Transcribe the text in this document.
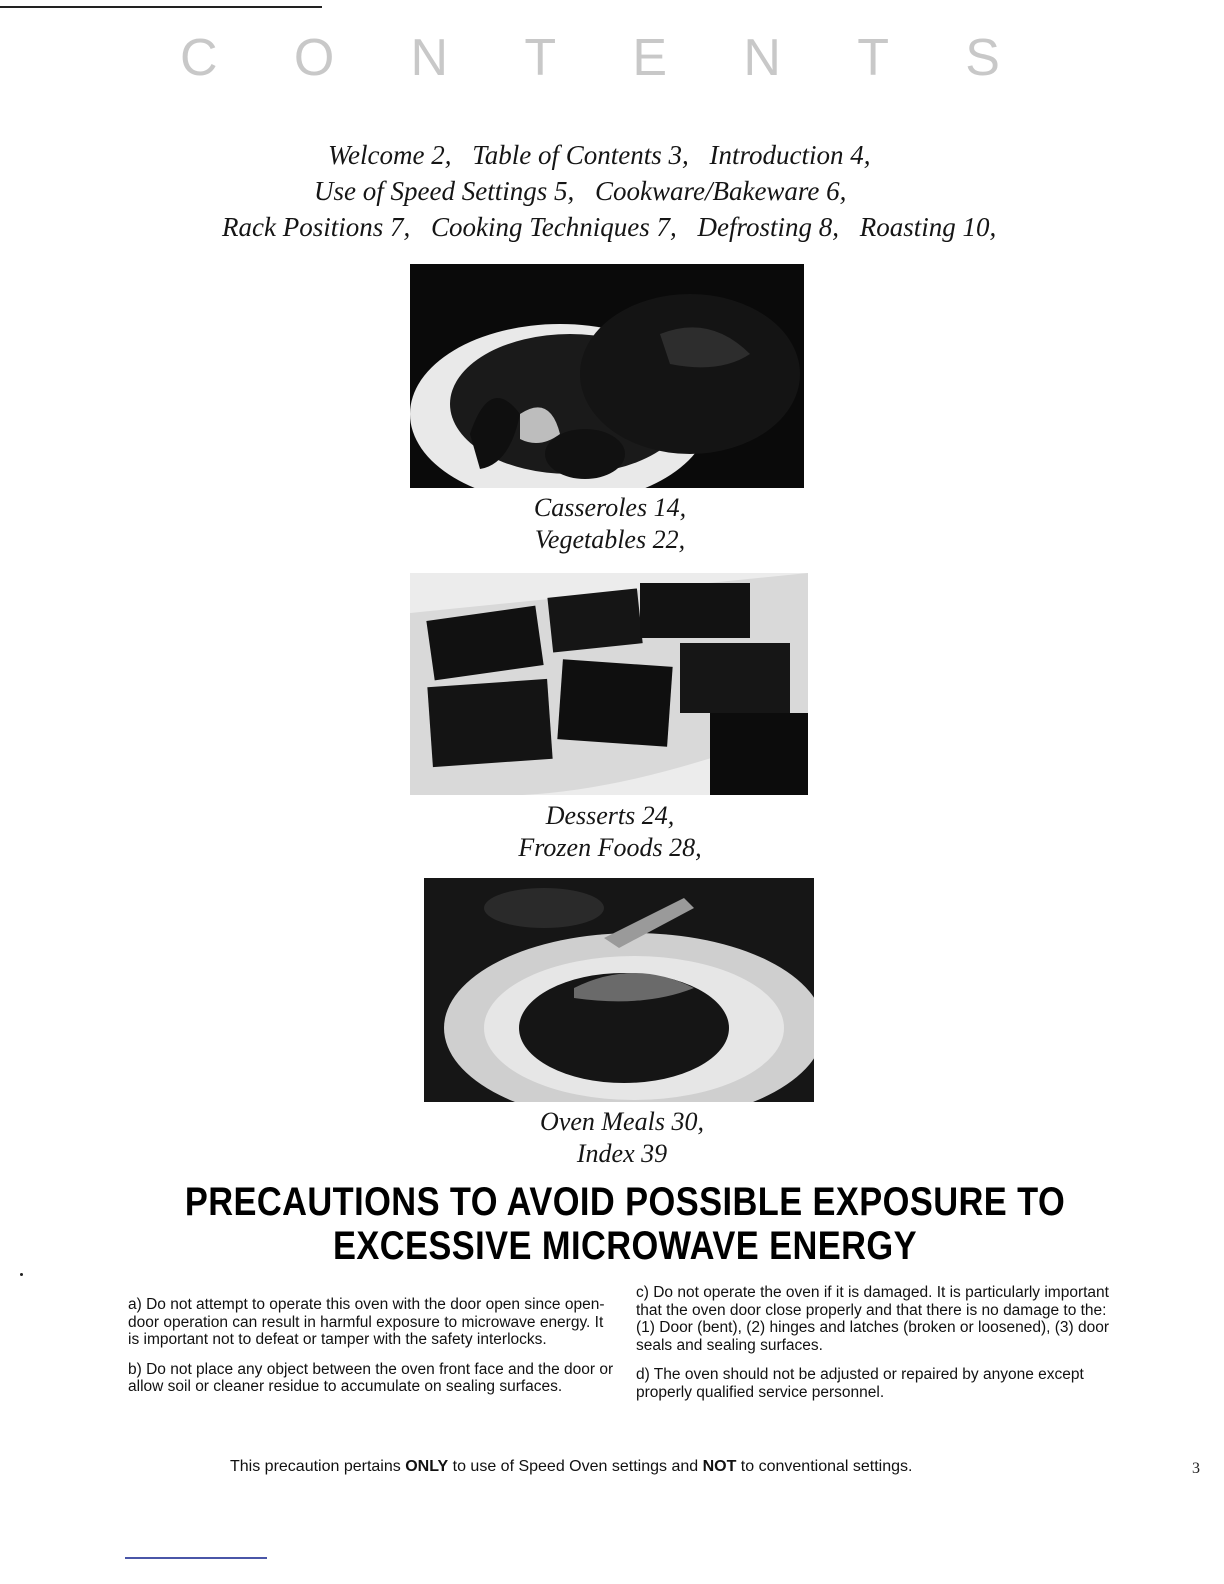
C O N T E N T S
Welcome 2, Table of Contents 3, Introduction 4,
Use of Speed Settings 5, Cookware/Bakeware 6,
Rack Positions 7, Cooking Techniques 7, Defrosting 8, Roasting 10,
Casseroles 14,
Vegetables 22,
Desserts 24,
Frozen Foods 28,
Oven Meals 30,
Index 39
PRECAUTIONS TO AVOID POSSIBLE EXPOSURE TO
EXCESSIVE MICROWAVE ENERGY

a) Do not attempt to operate this oven with the door open since open-door operation can result in harmful exposure to microwave energy. It is important not to defeat or tamper with the safety interlocks.

b) Do not place any object between the oven front face and the door or allow soil or cleaner residue to accumulate on sealing surfaces.

c) Do not operate the oven if it is damaged. It is particularly important that the oven door close properly and that there is no damage to the: (1) Door (bent), (2) hinges and latches (broken or loosened), (3) door seals and sealing surfaces.

d) The oven should not be adjusted or repaired by anyone except properly qualified service personnel.

This precaution pertains ONLY to use of Speed Oven settings and NOT to conventional settings.	3
